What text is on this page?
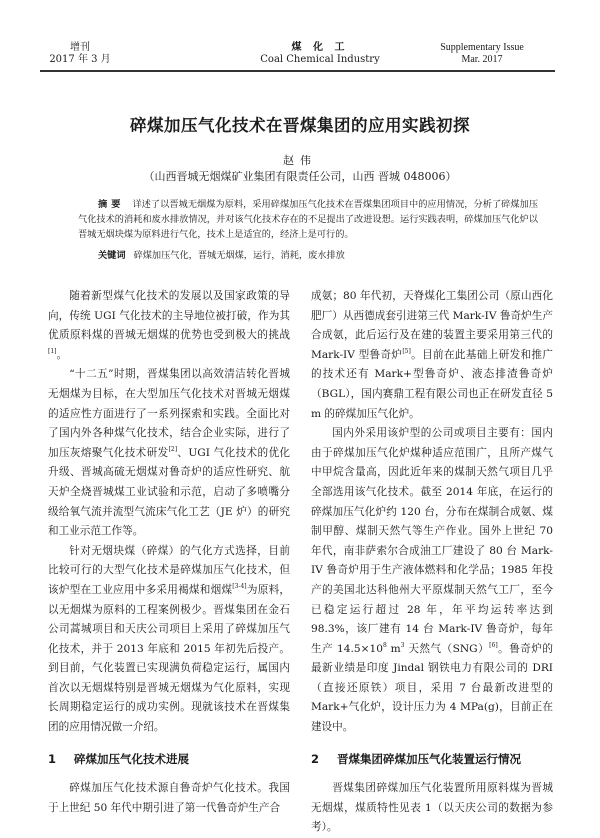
增刊
2017 年 3 月
煤 化 工
Coal Chemical Industry
Supplementary Issue
Mar. 2017
碎煤加压气化技术在晋煤集团的应用实践初探
赵伟
（山西晋城无烟煤矿业集团有限责任公司，山西 晋城 048006）
摘要 详述了以晋城无烟煤为原料，采用碎煤加压气化技术在晋煤集团项目中的应用情况，分析了碎煤加压气化技术的消耗和废水排放情况，并对该气化技术存在的不足提出了改进设想。运行实践表明，碎煤加压气化炉以晋城无烟块煤为原料进行气化，技术上是适宜的，经济上是可行的。
关键词 碎煤加压气化，晋城无烟煤，运行，消耗，废水排放

随着新型煤气化技术的发展以及国家政策的导向，传统 UGI 气化技术的主导地位被打破，作为其优质原料煤的晋城无烟煤的优势也受到极大的挑战[1]。

“十二五”时期，晋煤集团以高效清洁转化晋城无烟煤为目标，在大型加压气化技术对晋城无烟煤的适应性方面进行了一系列探索和实践。全面比对了国内外各种煤气化技术，结合企业实际，进行了加压灰熔聚气化技术研发[2]、UGI 气化技术的优化升级、晋城高硫无烟煤对鲁奇炉的适应性研究、航天炉全烧晋城煤工业试验和示范，启动了多喷嘴分级给氧气流并流型气流床气化工艺（JE 炉）的研究和工业示范工作等。

针对无烟块煤（碎煤）的气化方式选择，目前比较可行的大型气化技术是碎煤加压气化技术，但该炉型在工业应用中多采用褐煤和烟煤[3-4]为原料，以无烟煤为原料的工程案例极少。晋煤集团在金石公司蒿城项目和天庆公司项目上采用了碎煤加压气化技术，并于 2013 年底和 2015 年初先后投产。到目前，气化装置已实现满负荷稳定运行，属国内首次以无烟煤特别是晋城无烟煤为气化原料，实现长周期稳定运行的成功实例。现就该技术在晋煤集团的应用情况做一介绍。

1 碎煤加压气化技术进展

碎煤加压气化技术源自鲁奇炉气化技术。我国于上世纪 50 年代中期引进了第一代鲁奇炉生产合

成氨；80 年代初，天脊煤化工集团公司（原山西化肥厂）从西德成套引进第三代 Mark-IV 鲁奇炉生产合成氨，此后运行及在建的装置主要采用第三代的 Mark-IV 型鲁奇炉[5]。目前在此基础上研发和推广的技术还有 Mark+型鲁奇炉、液态排渣鲁奇炉（BGL），国内赛鼎工程有限公司也正在研发直径 5 m 的碎煤加压气化炉。

国内外采用该炉型的公司或项目主要有：国内由于碎煤加压气化炉煤种适应范围广，且所产煤气中甲烷含量高，因此近年来的煤制天然气项目几乎全部选用该气化技术。截至 2014 年底，在运行的碎煤加压气化炉约 120 台，分布在煤制合成氨、煤制甲醇、煤制天然气等生产作业。国外上世纪 70 年代，南非萨索尔合成油工厂建设了 80 台 Mark-IV 鲁奇炉用于生产液体燃料和化学品；1985 年投产的美国北达科他州大平原煤制天然气工厂，至今已稳定运行超过 28 年，年平均运转率达到 98.3%，该厂建有 14 台 Mark-IV 鲁奇炉，每年生产 $14.5\times 10^8$ $m^3$ 天然气（SNG）[6]。鲁奇炉的最新业绩是印度 Jindal 钢铁电力有限公司的 DRI（直接还原铁）项目，采用 7 台最新改进型的 Mark+气化炉，设计压力为 4 MPa(g)，目前正在建设中。

2 晋煤集团碎煤加压气化装置运行情况

晋煤集团碎煤加压气化装置所用原料煤为晋城无烟煤，煤质特性见表 1（以天庆公司的数据为参考）。
